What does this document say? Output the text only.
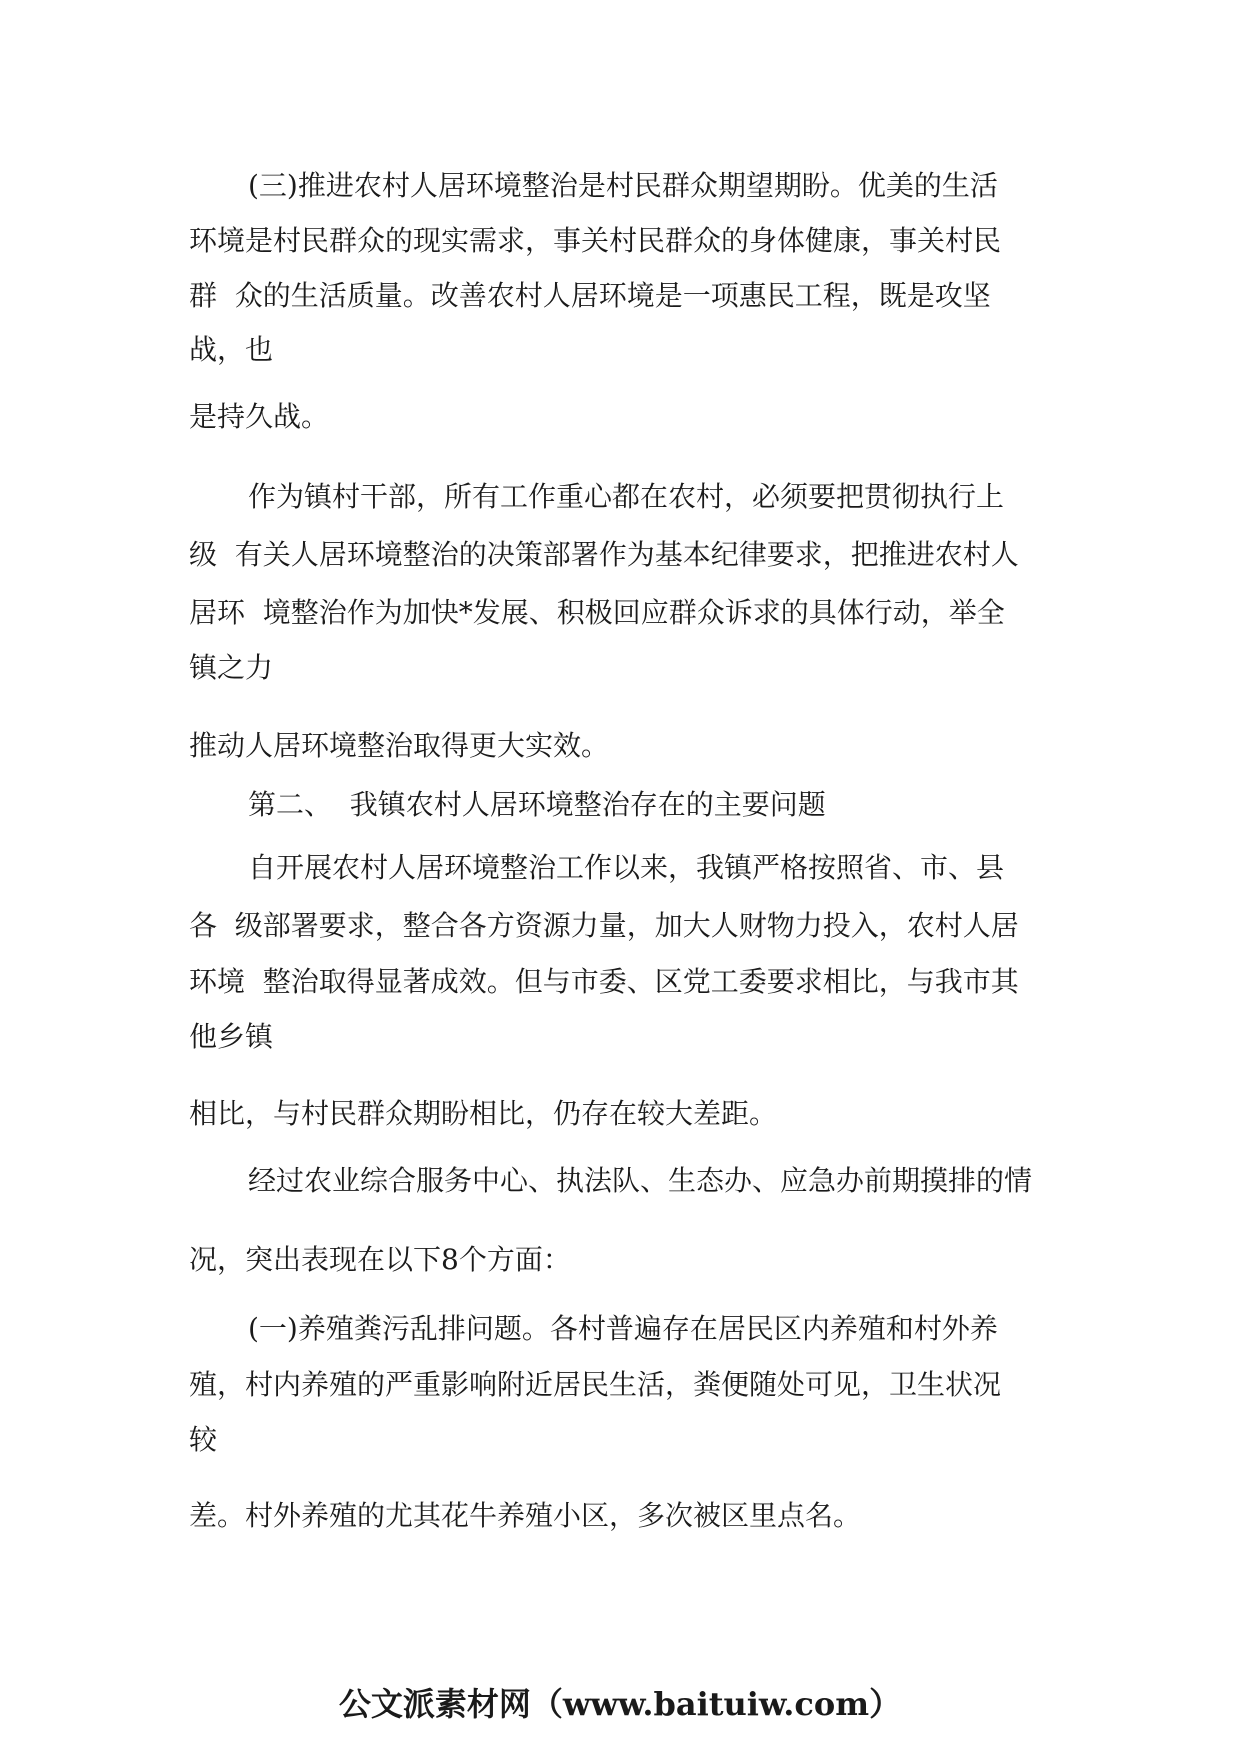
(三)推进农村人居环境整治是村民群众期望期盼。优美的生活
环境是村民群众的现实需求，事关村民群众的身体健康，事关村民
群  众的生活质量。改善农村人居环境是一项惠民工程，既是攻坚
战，也
是持久战。
作为镇村干部，所有工作重心都在农村，必须要把贯彻执行上
级  有关人居环境整治的决策部署作为基本纪律要求，把推进农村人
居环  境整治作为加快*发展、积极回应群众诉求的具体行动，举全
镇之力
推动人居环境整治取得更大实效。
第二、  我镇农村人居环境整治存在的主要问题
自开展农村人居环境整治工作以来，我镇严格按照省、市、县
各  级部署要求，整合各方资源力量，加大人财物力投入，农村人居
环境  整治取得显著成效。但与市委、区党工委要求相比，与我市其
他乡镇
相比，与村民群众期盼相比，仍存在较大差距。
经过农业综合服务中心、执法队、生态办、应急办前期摸排的情
况，突出表现在以下8个方面：
(一)养殖粪污乱排问题。各村普遍存在居民区内养殖和村外养
殖，村内养殖的严重影响附近居民生活，粪便随处可见，卫生状况
较
差。村外养殖的尤其花牛养殖小区，多次被区里点名。
公文派素材网（www.baituiw.com）
